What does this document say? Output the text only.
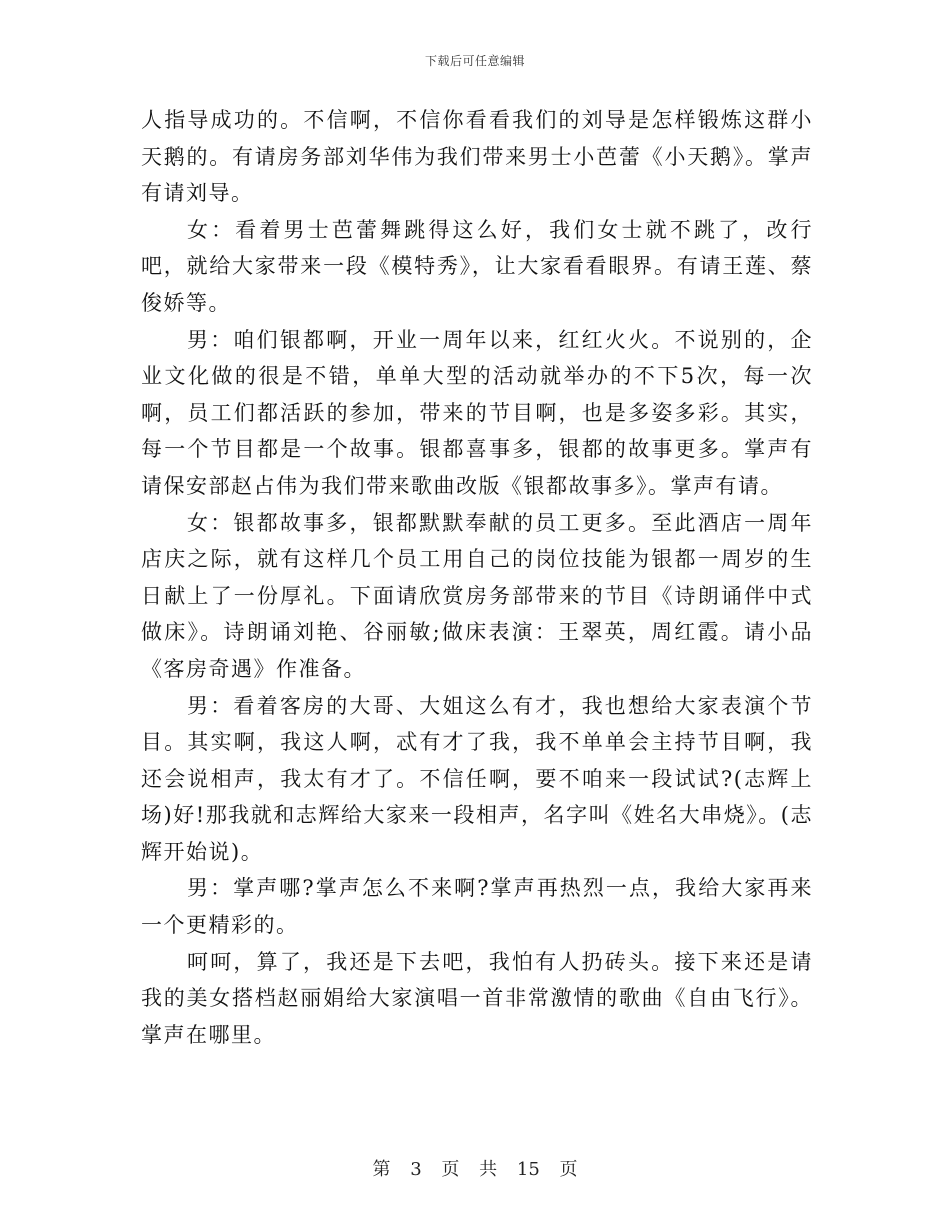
下载后可任意编辑

人指导成功的。不信啊，不信你看看我们的刘导是怎样锻炼这群小天鹅的。有请房务部刘华伟为我们带来男士小芭蕾《小天鹅》。掌声有请刘导。

女：看着男士芭蕾舞跳得这么好，我们女士就不跳了，改行吧，就给大家带来一段《模特秀》，让大家看看眼界。有请王莲、蔡俊娇等。

男：咱们银都啊，开业一周年以来，红红火火。不说别的，企业文化做的很是不错，单单大型的活动就举办的不下5次，每一次啊，员工们都活跃的参加，带来的节目啊，也是多姿多彩。其实，每一个节目都是一个故事。银都喜事多，银都的故事更多。掌声有请保安部赵占伟为我们带来歌曲改版《银都故事多》。掌声有请。

女：银都故事多，银都默默奉献的员工更多。至此酒店一周年店庆之际，就有这样几个员工用自己的岗位技能为银都一周岁的生日献上了一份厚礼。下面请欣赏房务部带来的节目《诗朗诵伴中式做床》。诗朗诵刘艳、谷丽敏;做床表演：王翠英，周红霞。请小品《客房奇遇》作准备。

男：看着客房的大哥、大姐这么有才，我也想给大家表演个节目。其实啊，我这人啊，忒有才了我，我不单单会主持节目啊，我还会说相声，我太有才了。不信任啊，要不咱来一段试试?(志辉上场)好!那我就和志辉给大家来一段相声，名字叫《姓名大串烧》。(志辉开始说)。

男：掌声哪?掌声怎么不来啊?掌声再热烈一点，我给大家再来一个更精彩的。

呵呵，算了，我还是下去吧，我怕有人扔砖头。接下来还是请我的美女搭档赵丽娟给大家演唱一首非常激情的歌曲《自由飞行》。掌声在哪里。

第 3 页 共 15 页
